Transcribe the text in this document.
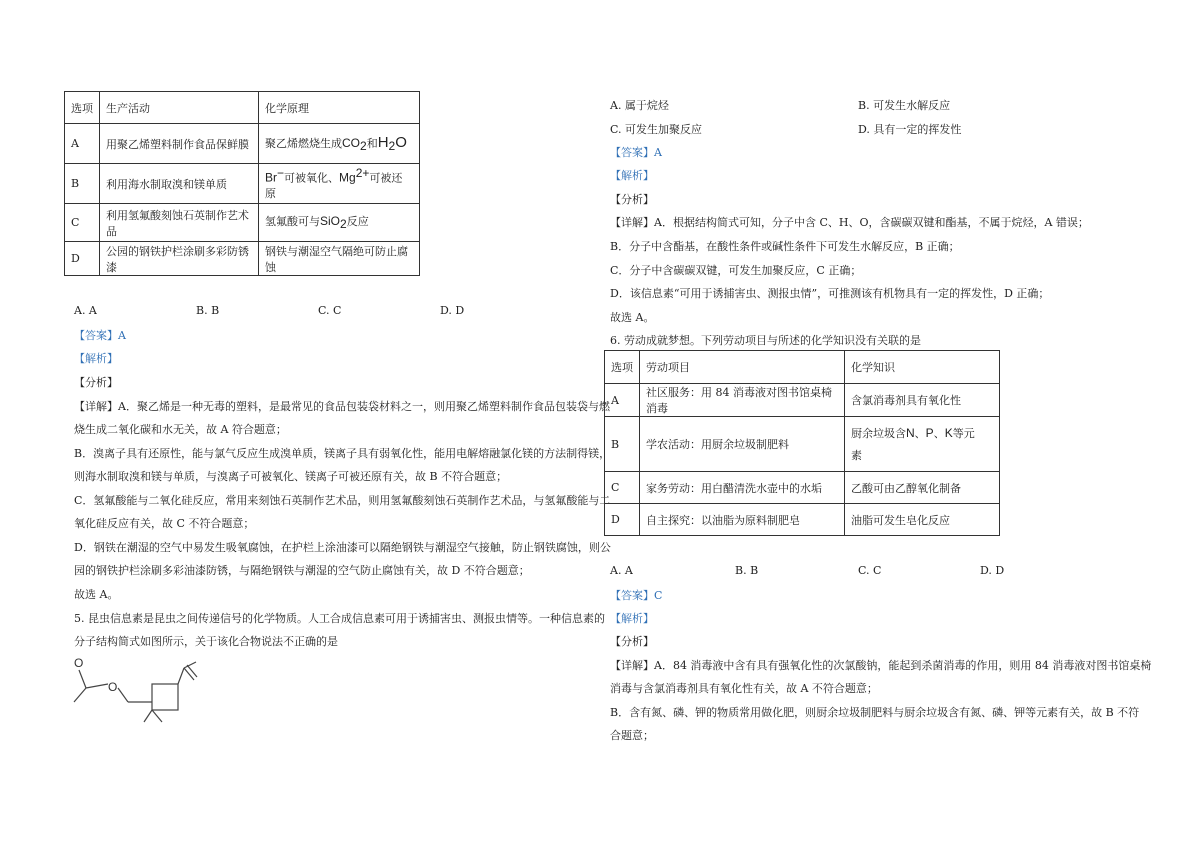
选项	生产活动	化学原理
A	用聚乙烯塑料制作食品保鲜膜	聚乙烯燃烧生成$CO_2$和$H_2O$
B	利用海水制取溴和镁单质	Br−可被氧化、$Mg^{2+}$可被还原
C	利用氢氟酸刻蚀石英制作艺术品	氢氟酸可与SiO$_2$反应
D	公园的钢铁护栏涂刷多彩防锈漆	钢铁与潮湿空气隔绝可防止腐蚀
A. A	B. B	C. C	D. D
【答案】A
【解析】
【分析】
【详解】A．聚乙烯是一种无毒的塑料，是最常见的食品包装袋材料之一，则用聚乙烯塑料制作食品包装袋与燃
烧生成二氧化碳和水无关，故 A 符合题意；
B．溴离子具有还原性，能与氯气反应生成溴单质，镁离子具有弱氧化性，能用电解熔融氯化镁的方法制得镁，
则海水制取溴和镁与单质，与溴离子可被氧化、镁离子可被还原有关，故 B 不符合题意；
C．氢氟酸能与二氧化硅反应，常用来刻蚀石英制作艺术品，则用氢氟酸刻蚀石英制作艺术品，与氢氟酸能与二
氧化硅反应有关，故 C 不符合题意；
D．钢铁在潮湿的空气中易发生吸氧腐蚀，在护栏上涂油漆可以隔绝钢铁与潮湿空气接触，防止钢铁腐蚀，则公
园的钢铁护栏涂刷多彩油漆防锈，与隔绝钢铁与潮湿的空气防止腐蚀有关，故 D 不符合题意；
故选 A。
5. 昆虫信息素是昆虫之间传递信号的化学物质。人工合成信息素可用于诱捕害虫、测报虫情等。一种信息素的
分子结构简式如图所示，关于该化合物说法不正确的是
O
O
A. 属于烷烃	B. 可发生水解反应
C. 可发生加聚反应	D. 具有一定的挥发性
【答案】A
【解析】
【分析】
【详解】A．根据结构简式可知，分子中含 C、H、O，含碳碳双键和酯基，不属于烷烃，A 错误；
B．分子中含酯基，在酸性条件或碱性条件下可发生水解反应，B 正确；
C．分子中含碳碳双键，可发生加聚反应，C 正确；
D．该信息素“可用于诱捕害虫、测报虫情”，可推测该有机物具有一定的挥发性，D 正确；
故选 A。
6. 劳动成就梦想。下列劳动项目与所述的化学知识没有关联的是
选项	劳动项目	化学知识
A	社区服务：用 84 消毒液对图书馆桌椅消毒	含氯消毒剂具有氧化性
B	学农活动：用厨余垃圾制肥料	厨余垃圾含N、P、K等元
素
C	家务劳动：用白醋清洗水壶中的水垢	乙酸可由乙醇氧化制备
D	自主探究：以油脂为原料制肥皂	油脂可发生皂化反应
A. A	B. B	C. C	D. D
【答案】C
【解析】
【分析】
【详解】A．84 消毒液中含有具有强氧化性的次氯酸钠，能起到杀菌消毒的作用，则用 84 消毒液对图书馆桌椅
消毒与含氯消毒剂具有氧化性有关，故 A 不符合题意；
B．含有氮、磷、钾的物质常用做化肥，则厨余垃圾制肥料与厨余垃圾含有氮、磷、钾等元素有关，故 B 不符
合题意；
